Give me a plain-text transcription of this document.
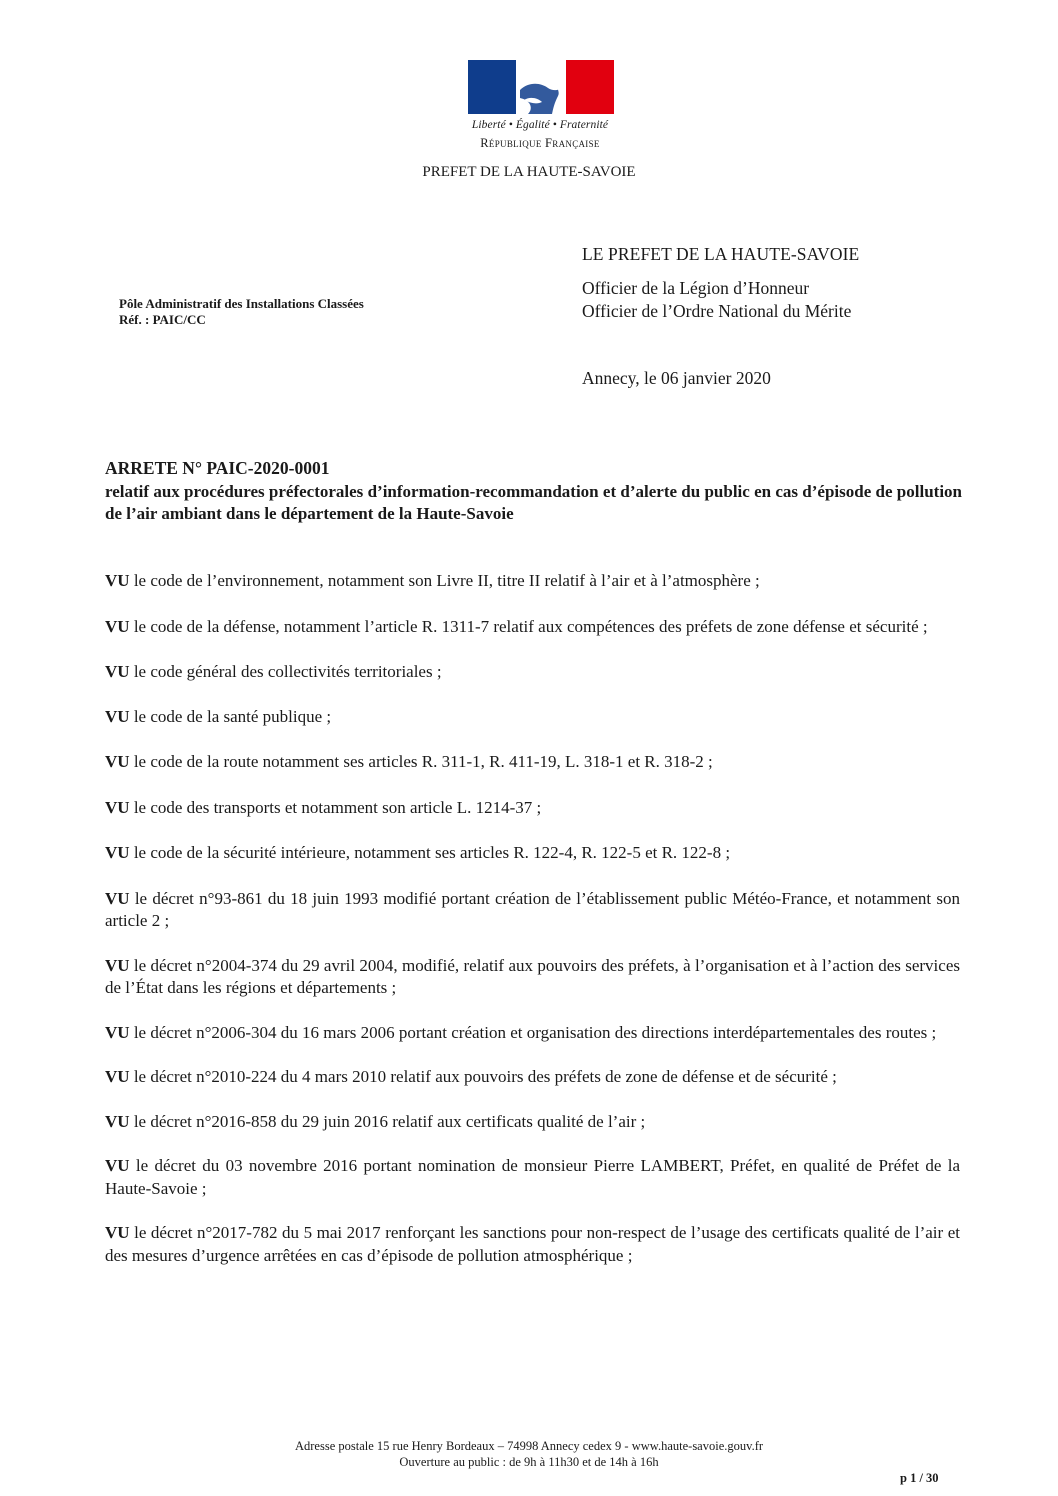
Liberté • Égalité • Fraternité
République Française
PREFET DE LA HAUTE-SAVOIE
LE PREFET DE LA HAUTE-SAVOIE
Officier de la Légion d’Honneur
Officier de l’Ordre National du Mérite
Pôle Administratif des Installations Classées
Réf. : PAIC/CC
Annecy, le 06 janvier 2020
ARRETE N° PAIC-2020-0001
relatif aux procédures préfectorales d’information-recommandation et d’alerte du public en cas d’épisode de pollution de l’air ambiant dans le département de la Haute-Savoie

VU le code de l’environnement, notamment son Livre II, titre II relatif à l’air et à l’atmosphère ;

VU le code de la défense, notamment l’article R. 1311-7 relatif aux compétences des préfets de zone défense et sécurité ;

VU le code général des collectivités territoriales ;

VU le code de la santé publique ;

VU le code de la route notamment ses articles R. 311-1, R. 411-19, L. 318-1 et R. 318-2 ;

VU le code des transports et notamment son article L. 1214-37 ;

VU le code de la sécurité intérieure, notamment ses articles R. 122-4, R. 122-5 et R. 122-8 ;

VU le décret n°93-861 du 18 juin 1993 modifié portant création de l’établissement public Météo-France, et notamment son article 2 ;

VU le décret n°2004-374 du 29 avril 2004, modifié, relatif aux pouvoirs des préfets, à l’organisation et à l’action des services de l’État dans les régions et départements ;

VU le décret n°2006-304 du 16 mars 2006 portant création et organisation des directions interdépartementales des routes ;

VU le décret n°2010-224 du 4 mars 2010 relatif aux pouvoirs des préfets de zone de défense et de sécurité ;

VU le décret n°2016-858 du 29 juin 2016 relatif aux certificats qualité de l’air ;

VU le décret du 03 novembre 2016 portant nomination de monsieur Pierre LAMBERT, Préfet, en qualité de Préfet de la Haute-Savoie ;

VU le décret n°2017-782 du 5 mai 2017 renforçant les sanctions pour non-respect de l’usage des certificats qualité de l’air et des mesures d’urgence arrêtées en cas d’épisode de pollution atmosphérique ;

Adresse postale 15 rue Henry Bordeaux – 74998 Annecy cedex 9 - www.haute-savoie.gouv.fr
Ouverture au public : de 9h à 11h30 et de 14h à 16h
p 1 / 30
